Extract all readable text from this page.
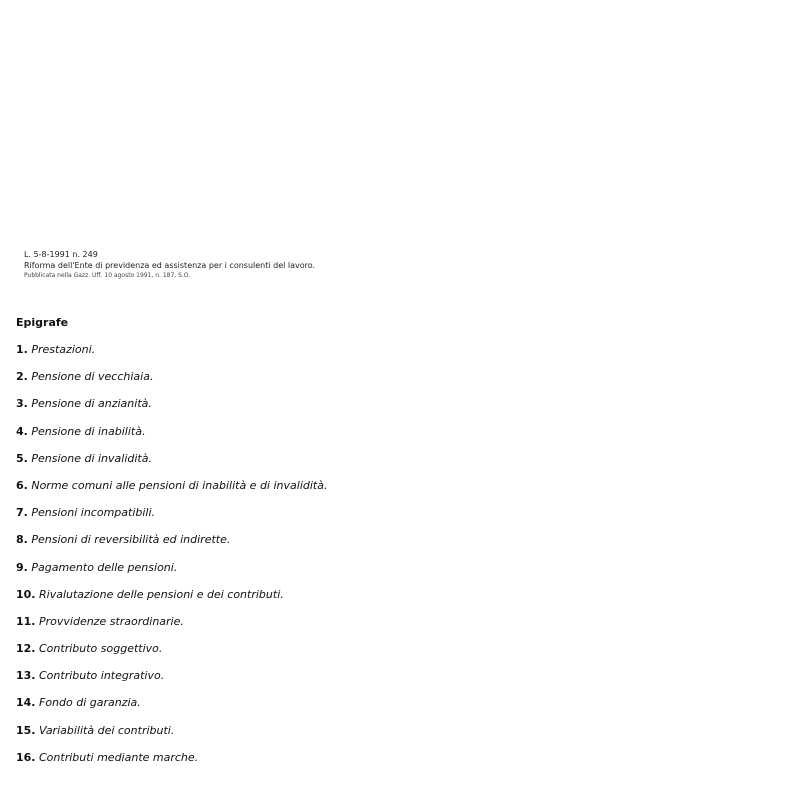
L. 5-8-1991 n. 249
Riforma dell'Ente di previdenza ed assistenza per i consulenti del lavoro.
Pubblicata nella Gazz. Uff. 10 agosto 1991, n. 187, S.O.
Epigrafe
1. Prestazioni.
2. Pensione di vecchiaia.
3. Pensione di anzianità.
4. Pensione di inabilità.
5. Pensione di invalidità.
6. Norme comuni alle pensioni di inabilità e di invalidità.
7. Pensioni incompatibili.
8. Pensioni di reversibilità ed indirette.
9. Pagamento delle pensioni.
10. Rivalutazione delle pensioni e dei contributi.
11. Provvidenze straordinarie.
12. Contributo soggettivo.
13. Contributo integrativo.
14. Fondo di garanzia.
15. Variabilità dei contributi.
16. Contributi mediante marche.
